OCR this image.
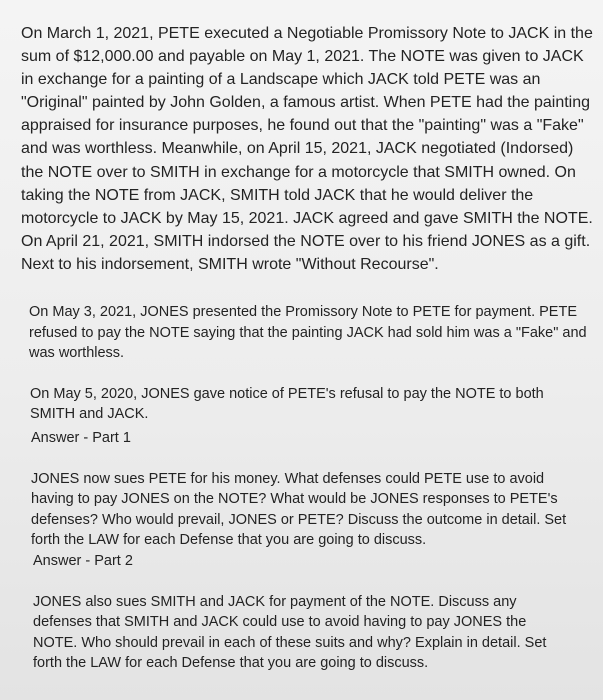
On March 1, 2021, PETE executed a Negotiable Promissory Note to JACK in the sum of $12,000.00 and payable on May 1, 2021. The NOTE was given to JACK in exchange for a painting of a Landscape which JACK told PETE was an "Original" painted by John Golden, a famous artist. When PETE had the painting appraised for insurance purposes, he found out that the "painting" was a "Fake" and was worthless. Meanwhile, on April 15, 2021, JACK negotiated (Indorsed) the NOTE over to SMITH in exchange for a motorcycle that SMITH owned. On taking the NOTE from JACK, SMITH told JACK that he would deliver the motorcycle to JACK by May 15, 2021. JACK agreed and gave SMITH the NOTE. On April 21, 2021, SMITH indorsed the NOTE over to his friend JONES as a gift. Next to his indorsement, SMITH wrote "Without Recourse".

On May 3, 2021, JONES presented the Promissory Note to PETE for payment. PETE refused to pay the NOTE saying that the painting JACK had sold him was a "Fake" and was worthless.

On May 5, 2020, JONES gave notice of PETE's refusal to pay the NOTE to both SMITH and JACK.

Answer - Part 1

JONES now sues PETE for his money. What defenses could PETE use to avoid having to pay JONES on the NOTE? What would be JONES responses to PETE's defenses? Who would prevail, JONES or PETE? Discuss the outcome in detail. Set forth the LAW for each Defense that you are going to discuss.

Answer - Part 2

JONES also sues SMITH and JACK for payment of the NOTE. Discuss any defenses that SMITH and JACK could use to avoid having to pay JONES the NOTE. Who should prevail in each of these suits and why? Explain in detail. Set forth the LAW for each Defense that you are going to discuss.
